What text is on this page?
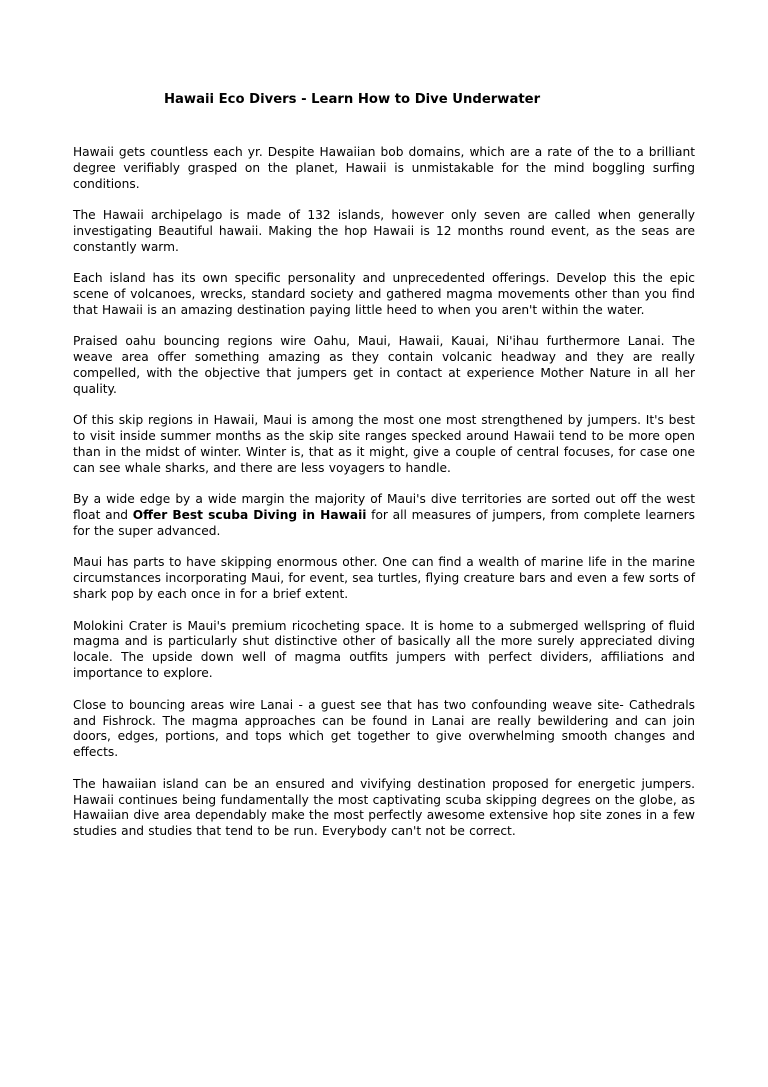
Hawaii Eco Divers - Learn How to Dive Underwater

Hawaii gets countless each yr. Despite Hawaiian bob domains, which are a rate of the to a brilliant degree verifiably grasped on the planet, Hawaii is unmistakable for the mind boggling surfing conditions.

The Hawaii archipelago is made of 132 islands, however only seven are called when generally investigating Beautiful hawaii. Making the hop Hawaii is 12 months round event, as the seas are constantly warm.

Each island has its own specific personality and unprecedented offerings. Develop this the epic scene of volcanoes, wrecks, standard society and gathered magma movements other than you find that Hawaii is an amazing destination paying little heed to when you aren't within the water.

Praised oahu bouncing regions wire Oahu, Maui, Hawaii, Kauai, Ni'ihau furthermore Lanai. The weave area offer something amazing as they contain volcanic headway and they are really compelled, with the objective that jumpers get in contact at experience Mother Nature in all her quality.

Of this skip regions in Hawaii, Maui is among the most one most strengthened by jumpers. It's best to visit inside summer months as the skip site ranges specked around Hawaii tend to be more open than in the midst of winter. Winter is, that as it might, give a couple of central focuses, for case one can see whale sharks, and there are less voyagers to handle.

By a wide edge by a wide margin the majority of Maui's dive territories are sorted out off the west float and Offer Best scuba Diving in Hawaii for all measures of jumpers, from complete learners for the super advanced.

Maui has parts to have skipping enormous other. One can find a wealth of marine life in the marine circumstances incorporating Maui, for event, sea turtles, flying creature bars and even a few sorts of shark pop by each once in for a brief extent.

Molokini Crater is Maui's premium ricocheting space. It is home to a submerged wellspring of fluid magma and is particularly shut distinctive other of basically all the more surely appreciated diving locale. The upside down well of magma outfits jumpers with perfect dividers, affiliations and importance to explore.

Close to bouncing areas wire Lanai - a guest see that has two confounding weave site- Cathedrals and Fishrock. The magma approaches can be found in Lanai are really bewildering and can join doors, edges, portions, and tops which get together to give overwhelming smooth changes and effects.

The hawaiian island can be an ensured and vivifying destination proposed for energetic jumpers. Hawaii continues being fundamentally the most captivating scuba skipping degrees on the globe, as Hawaiian dive area dependably make the most perfectly awesome extensive hop site zones in a few studies and studies that tend to be run. Everybody can't not be correct.
